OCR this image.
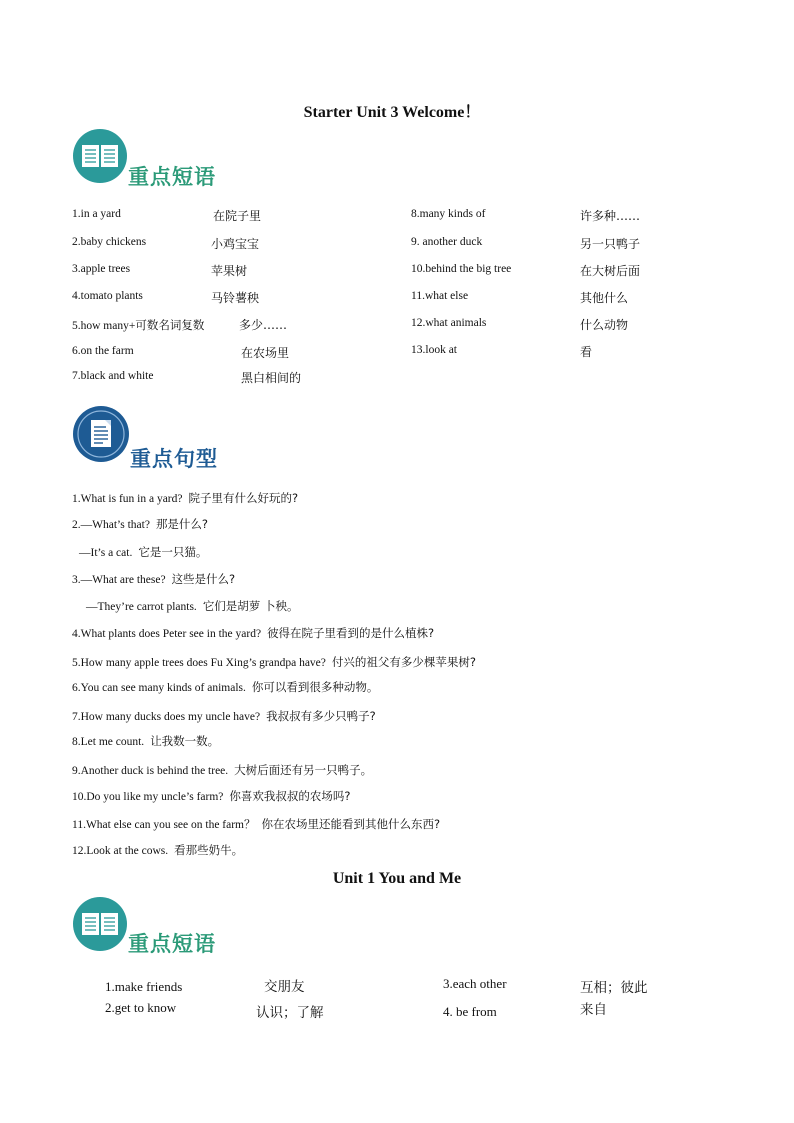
Starter Unit 3 Welcome！
重点短语
1.in a yard	在院子里
2.baby chickens	小鸡宝宝
3.apple trees	苹果树
4.tomato plants	马铃薯秧
5.how many+可数名词复数	多少……
6.on the farm	在农场里
7.black and white	黑白相间的
8.many kinds of	许多种……
9. another duck	另一只鸭子
10.behind the big tree	在大树后面
11.what else	其他什么
12.what animals	什么动物
13.look at	看
重点句型
1.What is fun in a yard? 院子里有什么好玩的?
2.—What’s that? 那是什么?
—It’s a cat. 它是一只猫。
3.—What are these? 这些是什么?
—They’re carrot plants. 它们是胡萝 卜秧。
4.What plants does Peter see in the yard? 彼得在院子里看到的是什么植株?
5.How many apple trees does Fu Xing’s grandpa have? 付兴的祖父有多少棵苹果树?
6.You can see many kinds of animals. 你可以看到很多种动物。
7.How many ducks does my uncle have? 我叔叔有多少只鸭子?
8.Let me count. 让我数一数。
9.Another duck is behind the tree. 大树后面还有另一只鸭子。
10.Do you like my uncle’s farm? 你喜欢我叔叔的农场吗?
11.What else can you see on the farm？ 你在农场里还能看到其他什么东西?
12.Look at the cows. 看那些奶牛。
Unit 1 You and Me
重点短语
1.make friends	交朋友
2.get to know	认识；了解
3.each other	互相；彼此
4. be from	来自
